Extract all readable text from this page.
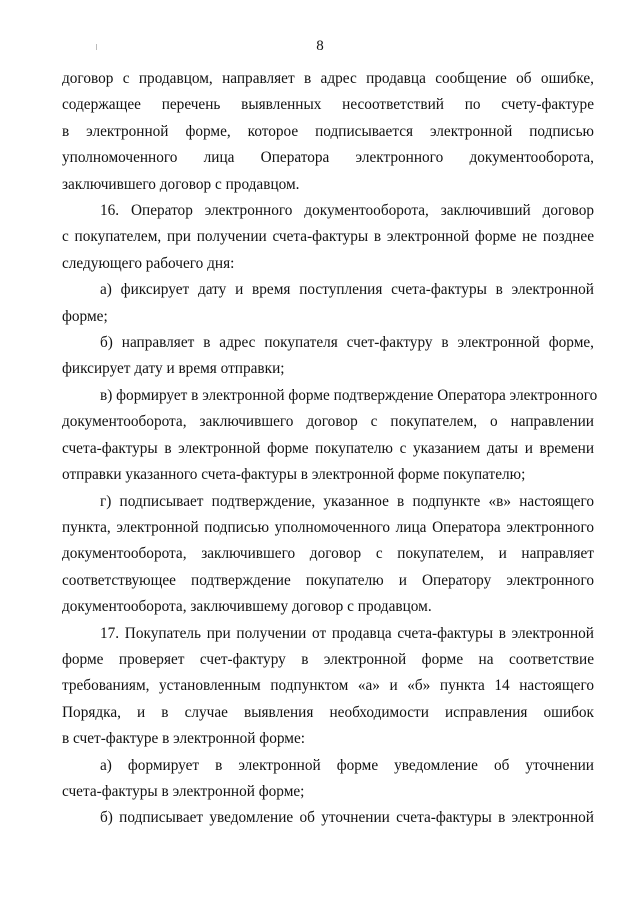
8
договор с продавцом, направляет в адрес продавца сообщение об ошибке,
содержащее перечень выявленных несоответствий по счету-фактуре
в электронной форме, которое подписывается электронной подписью
уполномоченного лица Оператора электронного документооборота,
заключившего договор с продавцом.
16. Оператор электронного документооборота, заключивший договор
с покупателем, при получении счета-фактуры в электронной форме не позднее
следующего рабочего дня:
а) фиксирует дату и время поступления счета-фактуры в электронной
форме;
б) направляет в адрес покупателя счет-фактуру в электронной форме,
фиксирует дату и время отправки;
в) формирует в электронной форме подтверждение Оператора электронного
документооборота, заключившего договор с покупателем, о направлении
счета-фактуры в электронной форме покупателю с указанием даты и времени
отправки указанного счета-фактуры в электронной форме покупателю;
г) подписывает подтверждение, указанное в подпункте «в» настоящего
пункта, электронной подписью уполномоченного лица Оператора электронного
документооборота, заключившего договор с покупателем, и направляет
соответствующее подтверждение покупателю и Оператору электронного
документооборота, заключившему договор с продавцом.
17. Покупатель при получении от продавца счета-фактуры в электронной
форме проверяет счет-фактуру в электронной форме на соответствие
требованиям, установленным подпунктом «а» и «б» пункта 14 настоящего
Порядка, и в случае выявления необходимости исправления ошибок
в счет-фактуре в электронной форме:
а) формирует в электронной форме уведомление об уточнении
счета-фактуры в электронной форме;
б) подписывает уведомление об уточнении счета-фактуры в электронной
